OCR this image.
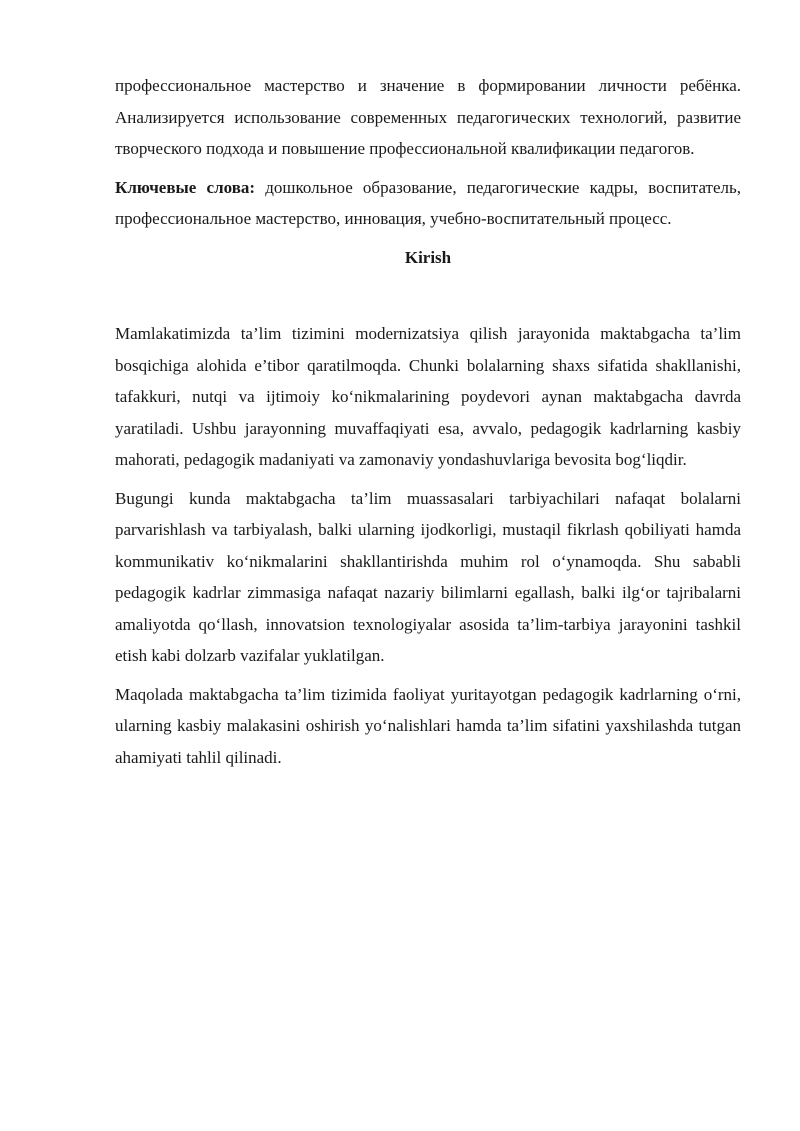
профессиональное мастерство и значение в формировании личности ребёнка. Анализируется использование современных педагогических технологий, развитие творческого подхода и повышение профессиональной квалификации педагогов.

Ключевые слова: дошкольное образование, педагогические кадры, воспитатель, профессиональное мастерство, инновация, учебно-воспитательный процесс.

Kirish

Mamlakatimizda ta’lim tizimini modernizatsiya qilish jarayonida maktabgacha ta’lim bosqichiga alohida e’tibor qaratilmoqda. Chunki bolalarning shaxs sifatida shakllanishi, tafakkuri, nutqi va ijtimoiy ko‘nikmalarining poydevori aynan maktabgacha davrda yaratiladi. Ushbu jarayonning muvaffaqiyati esa, avvalo, pedagogik kadrlarning kasbiy mahorati, pedagogik madaniyati va zamonaviy yondashuvlariga bevosita bog‘liqdir.

Bugungi kunda maktabgacha ta’lim muassasalari tarbiyachilari nafaqat bolalarni parvarishlash va tarbiyalash, balki ularning ijodkorligi, mustaqil fikrlash qobiliyati hamda kommunikativ ko‘nikmalarini shakllantirishda muhim rol o‘ynamoqda. Shu sababli pedagogik kadrlar zimmasiga nafaqat nazariy bilimlarni egallash, balki ilg‘or tajribalarni amaliyotda qo‘llash, innovatsion texnologiyalar asosida ta’lim-tarbiya jarayonini tashkil etish kabi dolzarb vazifalar yuklatilgan.

Maqolada maktabgacha ta’lim tizimida faoliyat yuritayotgan pedagogik kadrlarning o‘rni, ularning kasbiy malakasini oshirish yo‘nalishlari hamda ta’lim sifatini yaxshilashda tutgan ahamiyati tahlil qilinadi.
